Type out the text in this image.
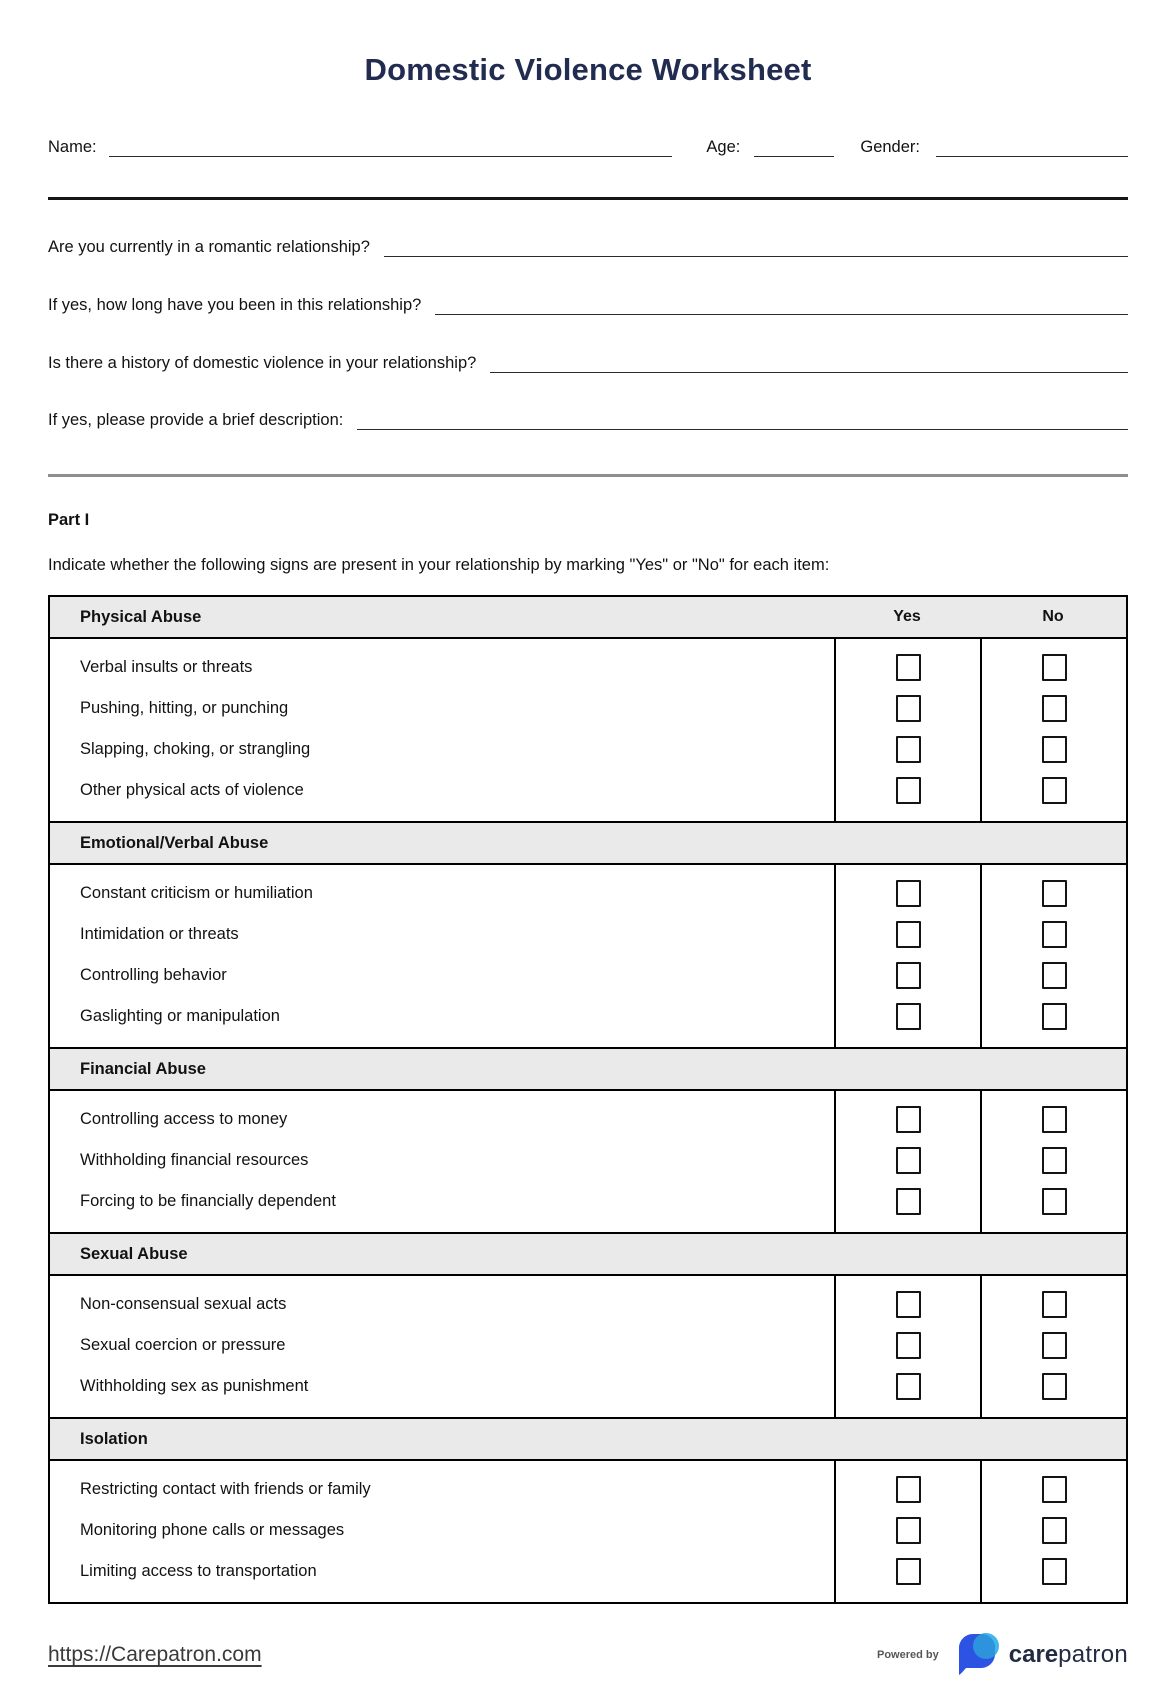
Domestic Violence Worksheet
Name:	Age:	Gender:
Are you currently in a romantic relationship?
If yes, how long have you been in this relationship?
Is there a history of domestic violence in your relationship?
If yes, please provide a brief description:
Part I
Indicate whether the following signs are present in your relationship by marking "Yes" or "No" for each item:
Physical Abuse	Yes	No
Verbal insults or threats
Pushing, hitting, or punching
Slapping, choking, or strangling
Other physical acts of violence
Emotional/Verbal Abuse
Constant criticism or humiliation
Intimidation or threats
Controlling behavior
Gaslighting or manipulation
Financial Abuse
Controlling access to money
Withholding financial resources
Forcing to be financially dependent
Sexual Abuse
Non-consensual sexual acts
Sexual coercion or pressure
Withholding sex as punishment
Isolation
Restricting contact with friends or family
Monitoring phone calls or messages
Limiting access to transportation
https://Carepatron.com	Powered by	carepatron
